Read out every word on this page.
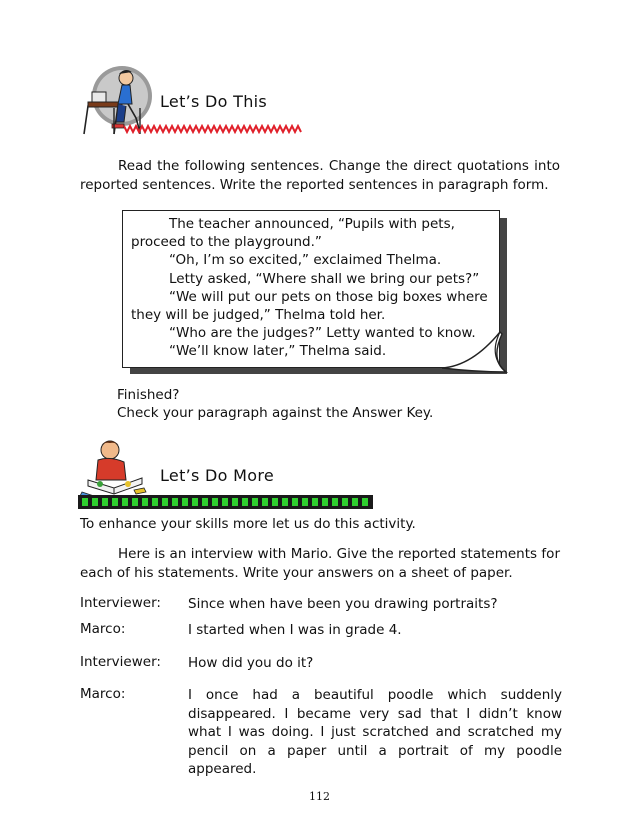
Let’s Do This
Read the following sentences. Change the direct quotations into reported sentences. Write the reported sentences in paragraph form.
The teacher announced, “Pupils with pets,
proceed to the playground.”
“Oh, I’m so excited,” exclaimed Thelma.
Letty asked, “Where shall we bring our pets?”
“We will put our pets on those big boxes where
they will be judged,” Thelma told her.
“Who are the judges?” Letty wanted to know.
“We’ll know later,” Thelma said.
Finished?
Check your paragraph against the Answer Key.
Let’s Do More
To enhance your skills more let us do this activity.
Here is an interview with Mario. Give the reported statements for each of his statements. Write your answers on a sheet of paper.
Interviewer: Since when have been you drawing portraits?
Marco:	I started when I was in grade 4.
Interviewer: How did you do it?
Marco:	I once had a beautiful poodle which suddenly disappeared. I became very sad that I didn’t know what I was doing. I just scratched and scratched my pencil on a paper until a portrait of my poodle appeared.
112
